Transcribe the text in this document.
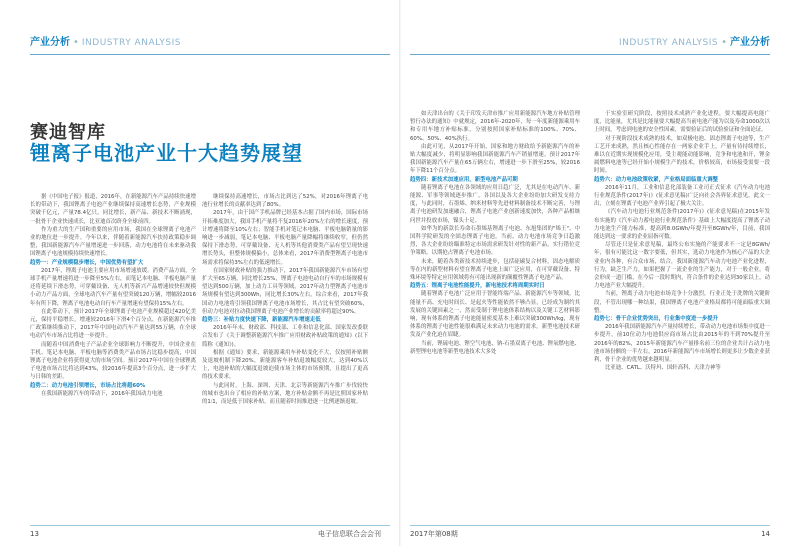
产业分析 • INDUSTRY ANALYSIS	INDUSTRY ANALYSIS • 产业分析
赛迪智库
锂离子电池产业十大趋势展望

据《中国电子报》报道，2016年，在新能源汽车产品持续快速增长的带动下，我国锂离子电池产业继续保持高速增长态势，产业规模突破千亿元，产量78.4亿只，同比增长，新产品、新技术不断涌现，一批骨干企业快速成长，比亚迪首次跻身全球前四。

作为重大的生产国和重要的应用市场，我国在全球锂离子电池产业的地位进一步提升。今年以来，伴随着新能源汽车扶持政策稳步调整，我国新能源汽车产量增速进一步回落，动力电池将在未来驱动我国锂离子电池规模持续快速增长。

趋势一：产业规模稳步增长，中国优势有望扩大

2017年，锂离子电池主要应用市场增速放缓。消费产品方面，全球手机产量增速将进一步降至5%左右，而笔记本电脑、平板电脑产量还将延续下滑态势，可穿戴设备、无人机等新兴产品增速较快但规模小动力产品方面，全球电动汽车产量有望突破120万辆，增幅较2016年有所下降，锂离子电池电动自行车产量增速有望保持15%左右。

在此带动下，预计2017年全球锂离子电池产业规模超过420亿美元，保持平稳增长。增速较2016年下滑4个百分点，在新能源汽车推广政策继续推动下，2017年中国电动汽车产量达到55万辆，在全球电动汽车市场占比将进一步提升。

而随着中国消费电子产品企业全球影响力不断提升，中国企业在手机、笔记本电脑、平板电脑等消费类产品市场占比稳步提高，中国锂离子电池企业将获得更大的市场空间。预计2017年中国在全球锂离子电池市场占比将达到43%，较2016年提高3个百分点，进一步扩大与日韩的差距。

趋势二：动力电池引领增长，市场占比将超60%

在我国新能源汽车的带动下，2016年我国动力电池

继续保持高速增长，市场占比到达了52%，对2016年锂离子电池行业增长的贡献率达到了80%。

2017年，由于国产手机品牌已经基本占据了国内市场，国际市场开拓难度加大，我国手机产量将不复2016年20%左右的增长速度，预计增速将降至10%左右；智能手机对笔记本电脑、平板电脑销量的影响进一步减弱，笔记本电脑、平板电脑产量降幅将继续收窄，但仍然保持下滑态势，可穿戴设备、无人机等其他消费类产品有望呈现快速增长势头，但整体规模偏小，总体来看，2017年消费型锂离子电池市场需求将保持3%左右的低速增长。

在国家财政补贴的强力推动下，2017年我国新能源汽车市场有望扩大至65万辆，同比增长25%，锂离子电池电动自行车的市场规模有望达到500万辆，加上动力工具等领域，2017年动力型锂离子电池市场规模有望达到300Wh，同比增长30%左右。综合来看，2017年我国动力电池将引领我国锂离子电池市场增长，其占比有望突破60%，但动力电池对拉动我国锂离子电池产业增长的贡献率将超过90%。

趋势三：补贴力度快速下降，新能源汽车增速走低

2016年年末，财政部、科技部、工业和信息化部、国家发改委联合发布了《关于调整新能源汽车推广应用财政补贴政策的通知》(以下简称《通知》)。

根据《通知》要求，新能源乘用车补贴变化不大，仅按照补贴额及退坡机制下降20%，新能源客车补贴退坡幅度较大，达到40%以上，电池补贴的大幅度退坡迫使市场主体的市场预期，且提出了更高的技术要求。

与此同时，上海、深圳、天津、北京等新能源汽车推广步伐较快的城市也出台了相应的补贴方案，地方补贴金额不再是比照国家补贴的1∶1，而是低于国家补贴，而且随着时间推进逐一比例逐渐退坡。

如天津出台的《关于印发天津市推广应用新能源汽车地方补贴管理暂行办法的通知》中就规定，2016年-2020年，每一年度新能源乘用车和专用车地方补贴标准，分别按照国家补贴标准的100%、70%、60%、50%、40%执行。

由此可见，从2017年开始，国家和地方财政给予新能源汽车的补贴大幅度减少，将明显影响我国新能源汽车产销量增速。预计2017年我国新能源汽车产量在65万辆左右，增速进一步下滑至25%，较2016年下降11个百分点。

趋势四：新技术加速应用，新型电池产品可期

随着锂离子电池在各领域的应用日趋广泛，尤其是在电动汽车、新能源、军事等领域逐步推广，各国以及各大企业纷纷加大研发支持力度，与此同时，石墨烯、纳米材料等先进材料制备技术不断完善，与锂离子电池研发加速融合，锂离子电池产业创新速度加快，各种产品相继问世并投放市场，镍头十足。

如华为的新款长寿命石墨烯基锂离子电池、东旭集团的"烯王"、中国科学院研发的全固态锂离子电池，当前，动力电池市场竞争日趋激烈，各大企业纷纷瞄准特定市场需求研发针对性的新产品，实行错位竞争策略，以期抢占锂离子电池市场。

未来，随着各类新技术持续进步，包括硅碳复合材料，固态电解质等在内的新型材料有望在锂离子电池上面广泛应用，在可穿戴设备、特殊环境等特定应用领域将有可能出现新的颠覆性锂离子电池产品。

趋势五：锂离子电池性能提升，新电池技术将周期实时日

随着锂离子电池广泛应用于智能终端产品、新能源汽车等领域，比能量不高、充电时间长、是起火等性能依然不够凸显，已经成为制约其发展的关键因素之一，然而受制于锂电池体系结构以及关键工艺材料影响，现有体系的锂离子电池能量密度基本上难以突破300Wh/kg，现有体系的锂离子电池性能很难满足未来动力电池的需求，新型电池技术研发及产业化迫在眉睫。

当前，锂硫电池、锂空气电池、钠-石墨双离子电池、锂氧燃电池、新型锂电电池等新型电池技术大多处

于实验室研究阶段，按照技术成熟产业化进程，要大幅提高电能广度，比能量，尤其是比能量要大幅提高当前电池产能为以及寿命1000次以上时间，考虑到电池的安全性因素，需要验证后的试验验证和全面论证。

对于现阶段技术成熟的技术，如双极电池、固态锂离子电池等，生产工艺开来成熟，然且核心性能存在一两家企业手上，产量有待持续增长，难以在近期实现规模化应用，受主观能动能影响，竞争和电池和开，锂金属燃料电池等已经开始小规模生产的技术，价格较高，市场接受需要一段时间。

趋势六：动力电池政策收紧，产业格局面临重大调整

2016年11月，工业和信息化部装备工业司正式征求《汽车动力电池行业规范条件(2017年)》(征求意见稿)广泛向社会各界征求意见，此文一出，立刻在锂离子电池产业界引起了极大关注。

《汽车动力电池行业规范条件(2017年)》(征求意见稿)在2015年发布实施的《汽车动力蓄电池行业规范条件》基础上大幅度提高了锂离子动力电池生产能力标准，提高到8.0GWh/年提升至8GWh/年，目前，我国能达到这一要求的企业屈指可数。

尽管还只是征求意见稿，最终公布实施的产能要求不一定是8GWh/年，很有可能比这一数字要低，但其实，选动力电池作为核心产品的大企业业内各种，有合众市场，结合，我国新能源汽车动力电池产业化进程，行为，缺乏生产力，如果把握了一流企业的生产能力，对于一般企业，将会形成一道门槛，在今后一段时期内，符合条件的企业达到30家以上，动力电池产业大幅提升。

当前，锂离子动力电池市场竞争十分激烈，行业正处于洗牌的关键阶段，不管出现哪一种结果，我国锂离子电池产业格局都将可能面临重大调整。

趋势七：骨干企业优势突出，行业集中度进一步提升

2016年我国新能源汽车产量持续增长，带动动力电池市场集中度进一步提升，前10位动力电池供应商市场占比由2015年的不到70%提升至2016年的82%，2015年新能源汽车产量排名前三位的企业共计占动力电池市场份额的一半左右，2016年新能源汽车市场增长则更多让少数企业获利，骨干企业的优势越来越明显。

比亚迪、CATL、沃特玛、国轩高科、天津力神等

13	电子信息联合会会刊	2017年第08期	14
